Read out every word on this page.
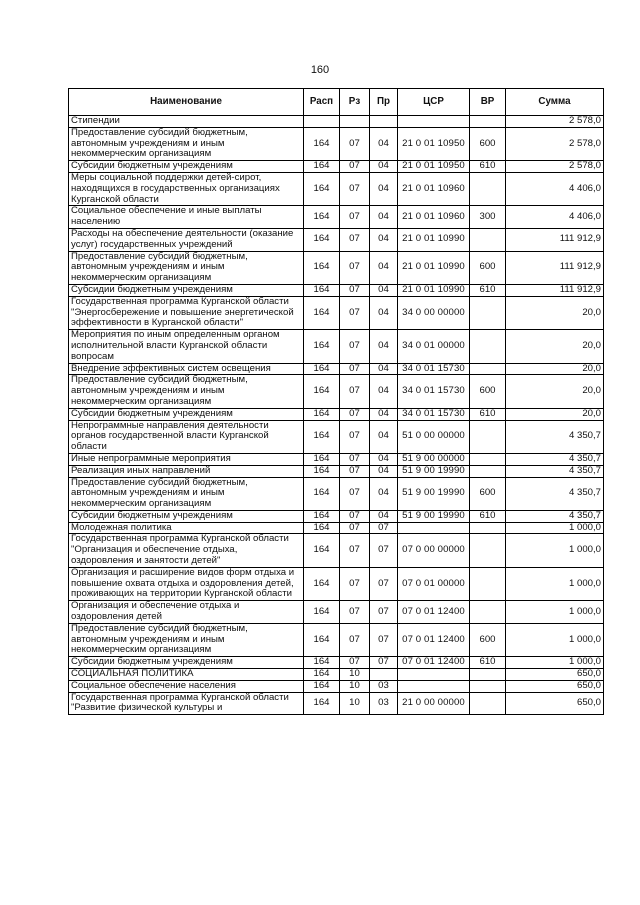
160
Наименование	Расп	Рз	Пр	ЦСР	ВР	Сумма
Стипендии						2 578,0
Предоставление субсидий бюджетным, автономным учреждениям и иным некоммерческим организациям	164	07	04	21 0 01 10950	600	2 578,0
Субсидии бюджетным учреждениям	164	07	04	21 0 01 10950	610	2 578,0
Меры социальной поддержки детей-сирот, находящихся в государственных организациях Курганской области	164	07	04	21 0 01 10960		4 406,0
Социальное обеспечение и иные выплаты населению	164	07	04	21 0 01 10960	300	4 406,0
Расходы на обеспечение деятельности (оказание услуг) государственных учреждений	164	07	04	21 0 01 10990		111 912,9
Предоставление субсидий бюджетным, автономным учреждениям и иным некоммерческим организациям	164	07	04	21 0 01 10990	600	111 912,9
Субсидии бюджетным учреждениям	164	07	04	21 0 01 10990	610	111 912,9
Государственная программа Курганской области "Энергосбережение и повышение энергетической эффективности в Курганской области"	164	07	04	34 0 00 00000		20,0
Мероприятия по иным определенным органом исполнительной власти Курганской области вопросам	164	07	04	34 0 01 00000		20,0
Внедрение эффективных систем освещения	164	07	04	34 0 01 15730		20,0
Предоставление субсидий бюджетным, автономным учреждениям и иным некоммерческим организациям	164	07	04	34 0 01 15730	600	20,0
Субсидии бюджетным учреждениям	164	07	04	34 0 01 15730	610	20,0
Непрограммные направления деятельности органов государственной власти Курганской области	164	07	04	51 0 00 00000		4 350,7
Иные непрограммные мероприятия	164	07	04	51 9 00 00000		4 350,7
Реализация иных направлений	164	07	04	51 9 00 19990		4 350,7
Предоставление субсидий бюджетным, автономным учреждениям и иным некоммерческим организациям	164	07	04	51 9 00 19990	600	4 350,7
Субсидии бюджетным учреждениям	164	07	04	51 9 00 19990	610	4 350,7
Молодежная политика	164	07	07			1 000,0
Государственная программа Курганской области "Организация и обеспечение отдыха, оздоровления и занятости детей"	164	07	07	07 0 00 00000		1 000,0
Организация и расширение видов форм отдыха и повышение охвата отдыха и оздоровления детей, проживающих на территории Курганской области	164	07	07	07 0 01 00000		1 000,0
Организация и обеспечение отдыха и оздоровления детей	164	07	07	07 0 01 12400		1 000,0
Предоставление субсидий бюджетным, автономным учреждениям и иным некоммерческим организациям	164	07	07	07 0 01 12400	600	1 000,0
Субсидии бюджетным учреждениям	164	07	07	07 0 01 12400	610	1 000,0
СОЦИАЛЬНАЯ ПОЛИТИКА	164	10				650,0
Социальное обеспечение населения	164	10	03			650,0
Государственная программа Курганской области "Развитие физической культуры и	164	10	03	21 0 00 00000		650,0
